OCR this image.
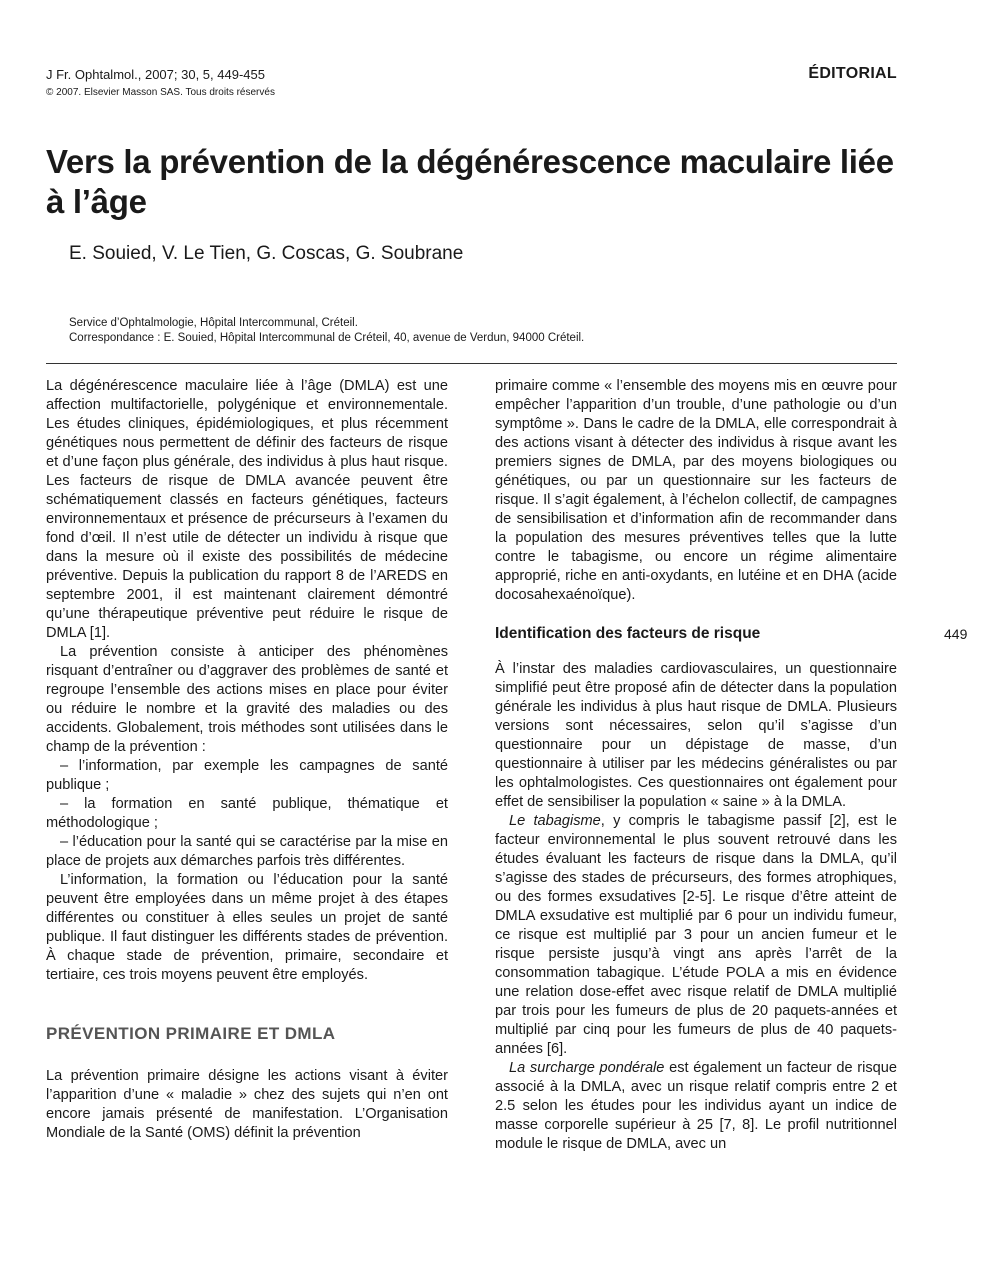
J Fr. Ophtalmol., 2007; 30, 5, 449-455
© 2007. Elsevier Masson SAS. Tous droits réservés
ÉDITORIAL
Vers la prévention de la dégénérescence maculaire liée à l’âge
E. Souied, V. Le Tien, G. Coscas, G. Soubrane
Service d’Ophtalmologie, Hôpital Intercommunal, Créteil.
Correspondance : E. Souied, Hôpital Intercommunal de Créteil, 40, avenue de Verdun, 94000 Créteil.

La dégénérescence maculaire liée à l’âge (DMLA) est une affection multifactorielle, polygénique et environnementale. Les études cliniques, épidémiologiques, et plus récemment génétiques nous permettent de définir des facteurs de risque et d’une façon plus générale, des individus à plus haut risque. Les facteurs de risque de DMLA avancée peuvent être schématiquement classés en facteurs génétiques, facteurs environnementaux et présence de précurseurs à l’examen du fond d’œil. Il n’est utile de détecter un individu à risque que dans la mesure où il existe des possibilités de médecine préventive. Depuis la publication du rapport 8 de l’AREDS en septembre 2001, il est maintenant clairement démontré qu’une thérapeutique préventive peut réduire le risque de DMLA [1].

La prévention consiste à anticiper des phénomènes risquant d’entraîner ou d’aggraver des problèmes de santé et regroupe l’ensemble des actions mises en place pour éviter ou réduire le nombre et la gravité des maladies ou des accidents. Globalement, trois méthodes sont utilisées dans le champ de la prévention :

– l’information, par exemple les campagnes de santé publique ;

– la formation en santé publique, thématique et méthodologique ;

– l’éducation pour la santé qui se caractérise par la mise en place de projets aux démarches parfois très différentes.

L’information, la formation ou l’éducation pour la santé peuvent être employées dans un même projet à des étapes différentes ou constituer à elles seules un projet de santé publique. Il faut distinguer les différents stades de prévention. À chaque stade de prévention, primaire, secondaire et tertiaire, ces trois moyens peuvent être employés.

PRÉVENTION PRIMAIRE ET DMLA

La prévention primaire désigne les actions visant à éviter l’apparition d’une « maladie » chez des sujets qui n’en ont encore jamais présenté de manifestation. L’Organisation Mondiale de la Santé (OMS) définit la prévention

primaire comme « l’ensemble des moyens mis en œuvre pour empêcher l’apparition d’un trouble, d’une pathologie ou d’un symptôme ». Dans le cadre de la DMLA, elle correspondrait à des actions visant à détecter des individus à risque avant les premiers signes de DMLA, par des moyens biologiques ou génétiques, ou par un questionnaire sur les facteurs de risque. Il s’agit également, à l’échelon collectif, de campagnes de sensibilisation et d’information afin de recommander dans la population des mesures préventives telles que la lutte contre le tabagisme, ou encore un régime alimentaire approprié, riche en anti-oxydants, en lutéine et en DHA (acide docosahexaénoïque).

Identification des facteurs de risque

À l’instar des maladies cardiovasculaires, un questionnaire simplifié peut être proposé afin de détecter dans la population générale les individus à plus haut risque de DMLA. Plusieurs versions sont nécessaires, selon qu’il s’agisse d’un questionnaire pour un dépistage de masse, d’un questionnaire à utiliser par les médecins généralistes ou par les ophtalmologistes. Ces questionnaires ont également pour effet de sensibiliser la population « saine » à la DMLA.

Le tabagisme, y compris le tabagisme passif [2], est le facteur environnemental le plus souvent retrouvé dans les études évaluant les facteurs de risque dans la DMLA, qu’il s’agisse des stades de précurseurs, des formes atrophiques, ou des formes exsudatives [2-5]. Le risque d’être atteint de DMLA exsudative est multiplié par 6 pour un individu fumeur, ce risque est multiplié par 3 pour un ancien fumeur et le risque persiste jusqu’à vingt ans après l’arrêt de la consommation tabagique. L’étude POLA a mis en évidence une relation dose-effet avec risque relatif de DMLA multiplié par trois pour les fumeurs de plus de 20 paquets-années et multiplié par cinq pour les fumeurs de plus de 40 paquets-années [6].

La surcharge pondérale est également un facteur de risque associé à la DMLA, avec un risque relatif compris entre 2 et 2.5 selon les études pour les individus ayant un indice de masse corporelle supérieur à 25 [7, 8]. Le profil nutritionnel module le risque de DMLA, avec un

449
